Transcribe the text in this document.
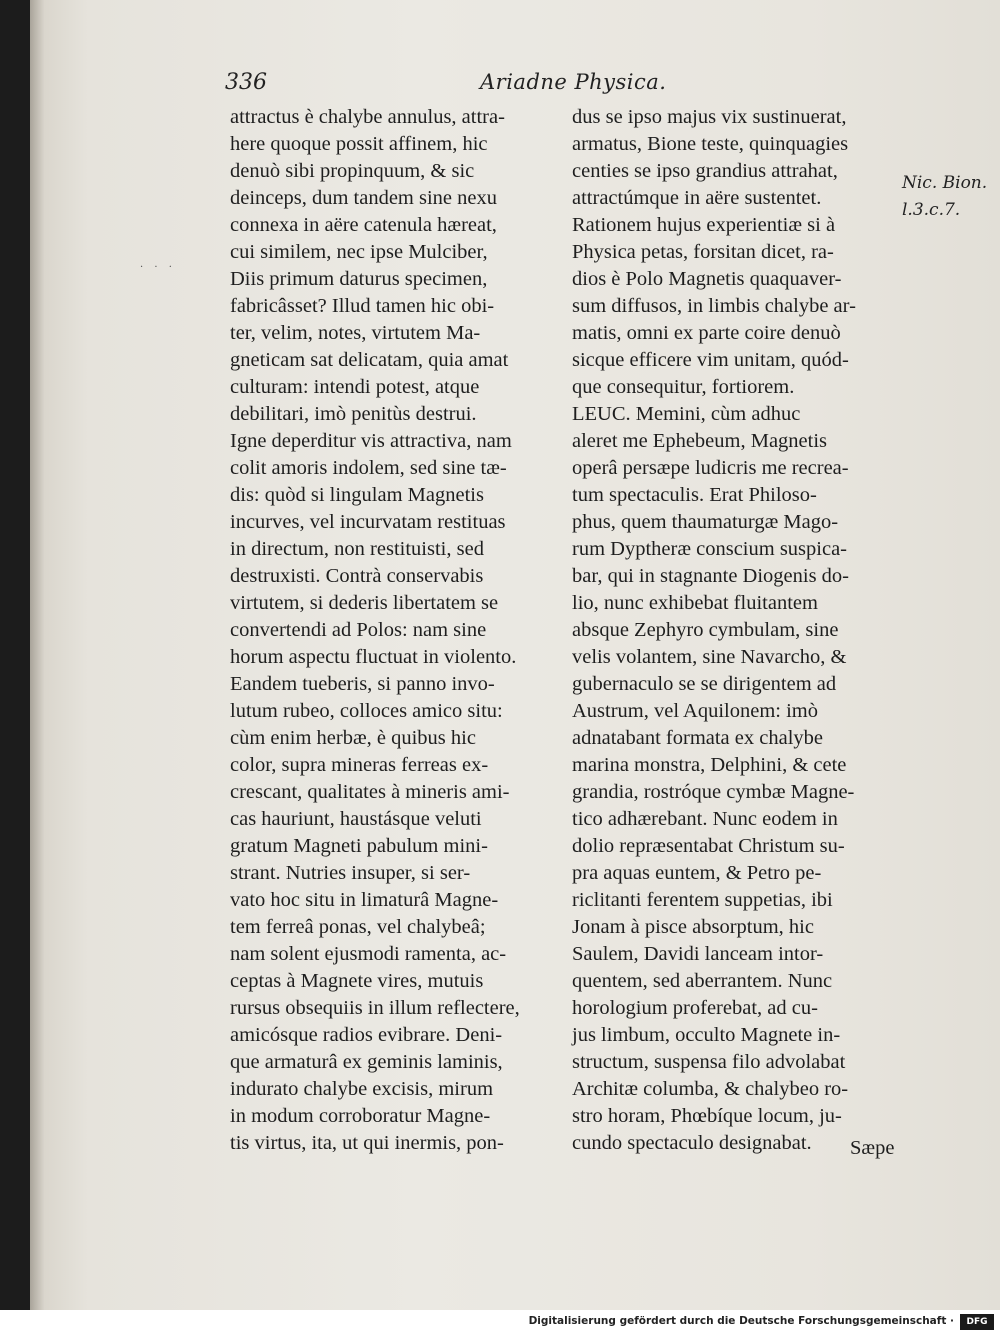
· · ·
336	Ariadne Physica.
attractus è chalybe annulus, attra-
here quoque possit affinem, hic
denuò sibi propinquum, & sic
deinceps, dum tandem sine nexu
connexa in aëre catenula hæreat,
cui similem, nec ipse Mulciber,
Diis primum daturus specimen,
fabricâsset? Illud tamen hic obi-
ter, velim, notes, virtutem Ma-
gneticam sat delicatam, quia amat
culturam: intendi potest, atque
debilitari, imò penitùs destrui.
Igne deperditur vis attractiva, nam
colit amoris indolem, sed sine tæ-
dis: quòd si lingulam Magnetis
incurves, vel incurvatam restituas
in directum, non restituisti, sed
destruxisti. Contrà conservabis
virtutem, si dederis libertatem se
convertendi ad Polos: nam sine
horum aspectu fluctuat in violento.
Eandem tueberis, si panno invo-
lutum rubeo, colloces amico situ:
cùm enim herbæ, è quibus hic
color, supra mineras ferreas ex-
crescant, qualitates à mineris ami-
cas hauriunt, haustásque veluti
gratum Magneti pabulum mini-
strant. Nutries insuper, si ser-
vato hoc situ in limaturâ Magne-
tem ferreâ ponas, vel chalybeâ;
nam solent ejusmodi ramenta, ac-
ceptas à Magnete vires, mutuis
rursus obsequiis in illum reflectere,
amicósque radios evibrare. Deni-
que armaturâ ex geminis laminis,
indurato chalybe excisis, mirum
in modum corroboratur Magne-
tis virtus, ita, ut qui inermis, pon-
dus se ipso majus vix sustinuerat,
armatus, Bione teste, quinquagies
centies se ipso grandius attrahat,
attractúmque in aëre sustentet.
Rationem hujus experientiæ si à
Physica petas, forsitan dicet, ra-
dios è Polo Magnetis quaquaver-
sum diffusos, in limbis chalybe ar-
matis, omni ex parte coire denuò
sicque efficere vim unitam, quód-
que consequitur, fortiorem.
LEUC. Memini, cùm adhuc
aleret me Ephebeum, Magnetis
operâ persæpe ludicris me recrea-
tum spectaculis. Erat Philoso-
phus, quem thaumaturgæ Mago-
rum Dyptheræ conscium suspica-
bar, qui in stagnante Diogenis do-
lio, nunc exhibebat fluitantem
absque Zephyro cymbulam, sine
velis volantem, sine Navarcho, &
gubernaculo se se dirigentem ad
Austrum, vel Aquilonem: imò
adnatabant formata ex chalybe
marina monstra, Delphini, & cete
grandia, rostróque cymbæ Magne-
tico adhærebant. Nunc eodem in
dolio repræsentabat Christum su-
pra aquas euntem, & Petro pe-
riclitanti ferentem suppetias, ibi
Jonam à pisce absorptum, hic
Saulem, Davidi lanceam intor-
quentem, sed aberrantem. Nunc
horologium proferebat, ad cu-
jus limbum, occulto Magnete in-
structum, suspensa filo advolabat
Architæ columba, & chalybeo ro-
stro horam, Phœbíque locum, ju-
cundo spectaculo designabat.
Nic. Bion.
l.3.c.7.
Sæpe
Digitalisierung gefördert durch die Deutsche Forschungsgemeinschaft ·	DFG
